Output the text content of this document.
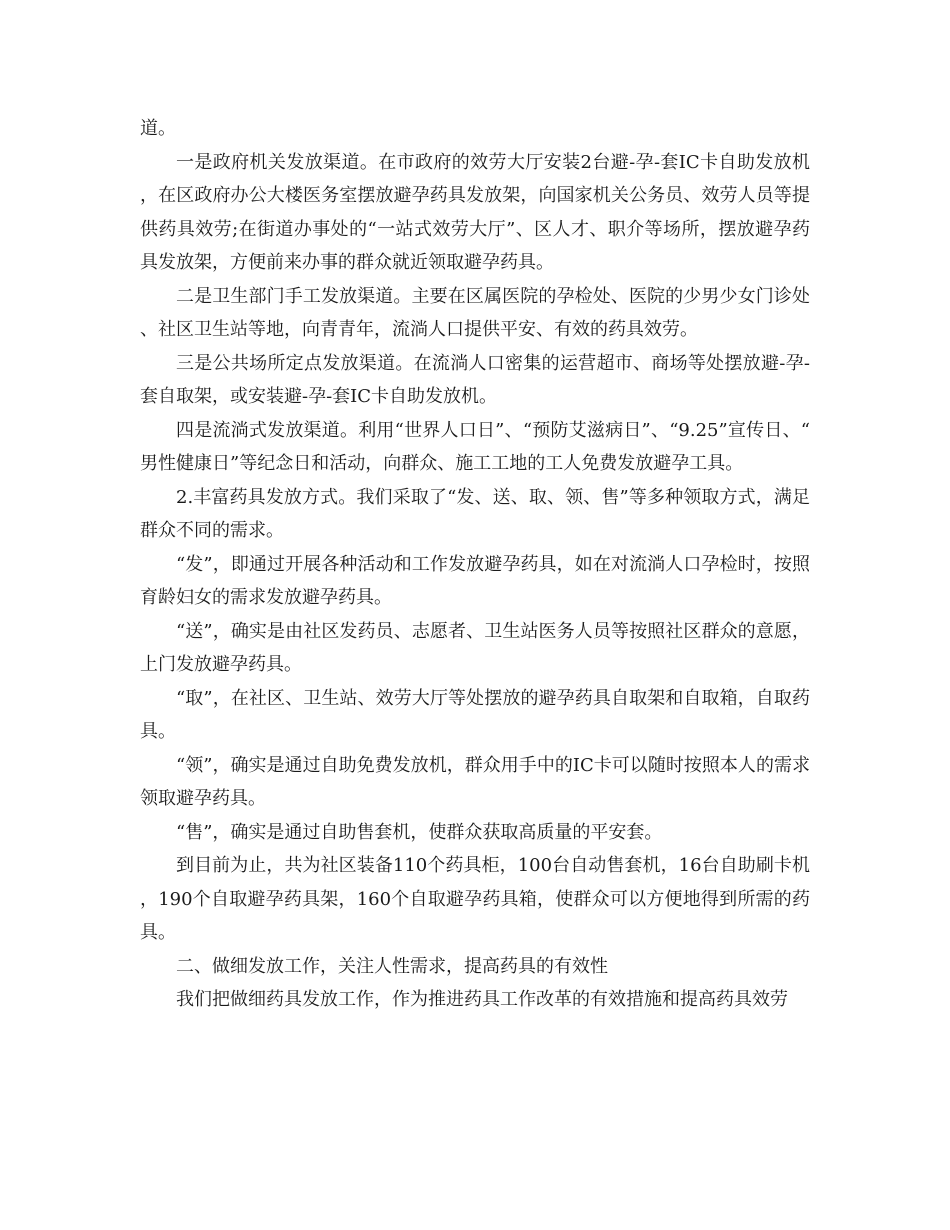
道。

一是政府机关发放渠道。在市政府的效劳大厅安装2台避-孕-套IC卡自助发放机，在区政府办公大楼医务室摆放避孕药具发放架，向国家机关公务员、效劳人员等提供药具效劳;在街道办事处的“一站式效劳大厅”、区人才、职介等场所，摆放避孕药具发放架，方便前来办事的群众就近领取避孕药具。

二是卫生部门手工发放渠道。主要在区属医院的孕检处、医院的少男少女门诊处、社区卫生站等地，向青青年，流淌人口提供平安、有效的药具效劳。

三是公共场所定点发放渠道。在流淌人口密集的运营超市、商场等处摆放避-孕-套自取架，或安装避-孕-套IC卡自助发放机。

四是流淌式发放渠道。利用“世界人口日”、“预防艾滋病日”、“9.25”宣传日、“男性健康日”等纪念日和活动，向群众、施工工地的工人免费发放避孕工具。

2.丰富药具发放方式。我们采取了“发、送、取、领、售”等多种领取方式，满足群众不同的需求。

“发”，即通过开展各种活动和工作发放避孕药具，如在对流淌人口孕检时，按照育龄妇女的需求发放避孕药具。

“送”，确实是由社区发药员、志愿者、卫生站医务人员等按照社区群众的意愿，上门发放避孕药具。

“取”，在社区、卫生站、效劳大厅等处摆放的避孕药具自取架和自取箱，自取药具。

“领”，确实是通过自助免费发放机，群众用手中的IC卡可以随时按照本人的需求领取避孕药具。

“售”，确实是通过自助售套机，使群众获取高质量的平安套。

到目前为止，共为社区装备110个药具柜，100台自动售套机，16台自助刷卡机，190个自取避孕药具架，160个自取避孕药具箱，使群众可以方便地得到所需的药具。

二、做细发放工作，关注人性需求，提高药具的有效性

我们把做细药具发放工作，作为推进药具工作改革的有效措施和提高药具效劳
